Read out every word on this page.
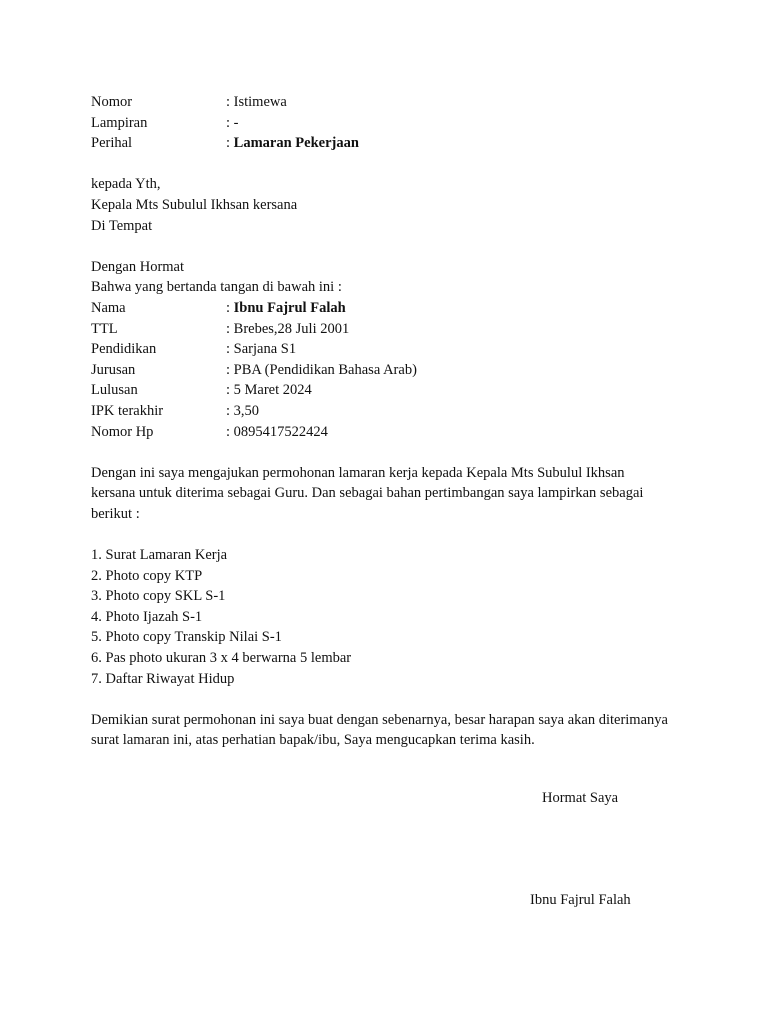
Nomor	: Istimewa
Lampiran	: -
Perihal	: Lamaran Pekerjaan
kepada Yth,
Kepala Mts Subulul Ikhsan kersana
Di Tempat
Dengan Hormat
Bahwa yang bertanda tangan di bawah ini :
Nama	: Ibnu Fajrul Falah
TTL	: Brebes,28 Juli 2001
Pendidikan	: Sarjana S1
Jurusan	: PBA (Pendidikan Bahasa Arab)
Lulusan	: 5 Maret 2024
IPK terakhir	: 3,50
Nomor Hp	: 0895417522424
Dengan ini saya mengajukan permohonan lamaran kerja kepada Kepala Mts Subulul Ikhsan kersana untuk diterima sebagai Guru. Dan sebagai bahan pertimbangan saya lampirkan sebagai berikut :
1. Surat Lamaran Kerja
2. Photo copy KTP
3. Photo copy SKL S-1
4. Photo Ijazah S-1
5. Photo copy Transkip Nilai S-1
6. Pas photo ukuran 3 x 4 berwarna 5 lembar
7. Daftar Riwayat Hidup
Demikian surat permohonan ini saya buat dengan sebenarnya, besar harapan saya akan diterimanya surat lamaran ini, atas perhatian bapak/ibu, Saya mengucapkan terima kasih.
Hormat Saya
Ibnu Fajrul Falah
